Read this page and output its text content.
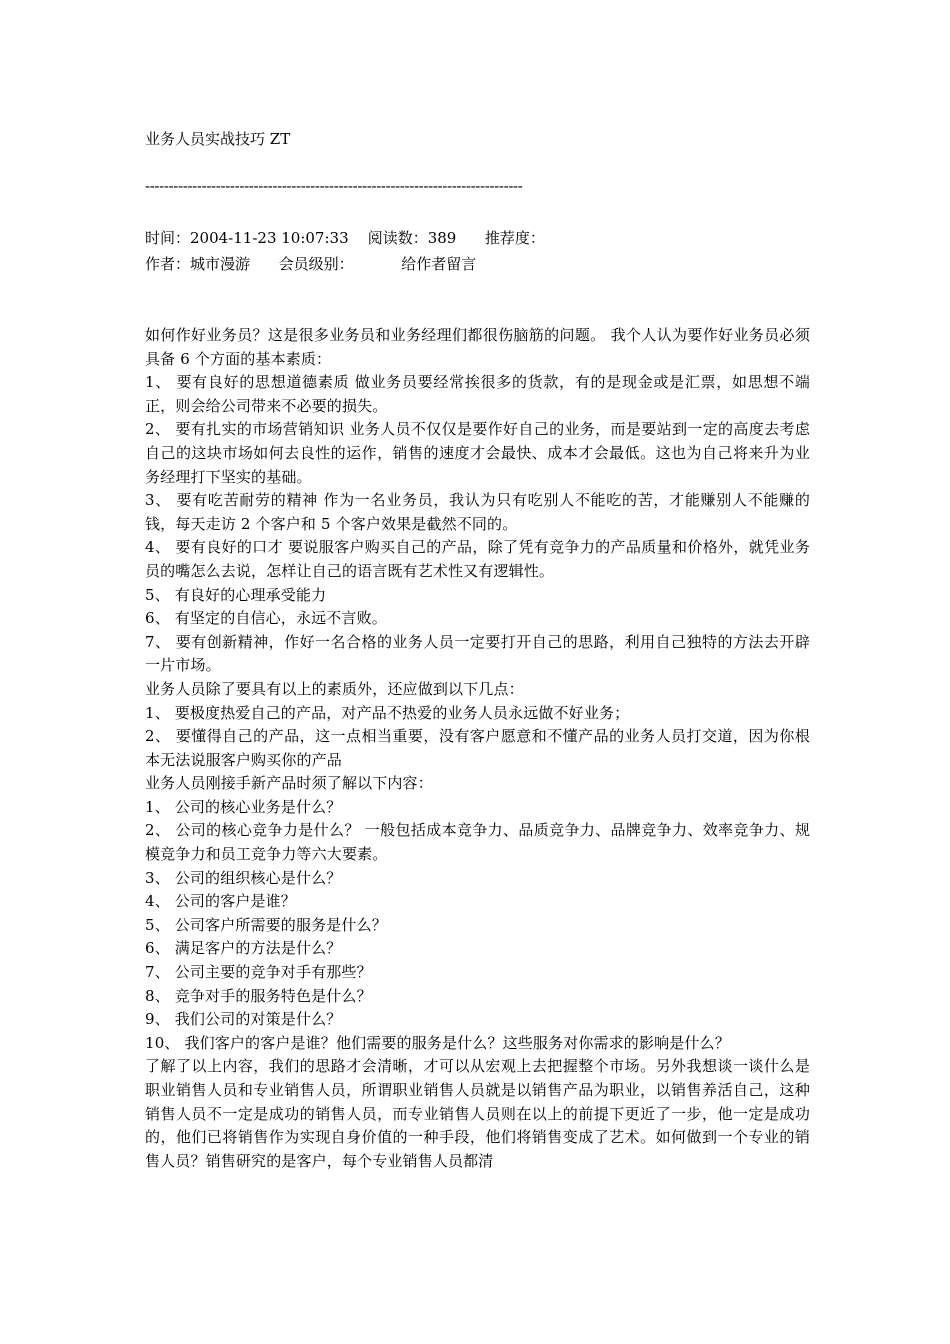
业务人员实战技巧 ZT
--------------------------------------------------------------------------------
时间：2004-11-23 10:07:33    阅读数：389      推荐度：
作者：城市漫游      会员级别：          给作者留言

如何作好业务员？这是很多业务员和业务经理们都很伤脑筋的问题。 我个人认为要作好业务员必须具备 6 个方面的基本素质：

1、 要有良好的思想道德素质 做业务员要经常挨很多的货款，有的是现金或是汇票，如思想不端正，则会给公司带来不必要的损失。

2、 要有扎实的市场营销知识 业务人员不仅仅是要作好自己的业务，而是要站到一定的高度去考虑自己的这块市场如何去良性的运作，销售的速度才会最快、成本才会最低。这也为自己将来升为业务经理打下坚实的基础。

3、 要有吃苦耐劳的精神 作为一名业务员，我认为只有吃别人不能吃的苦，才能赚别人不能赚的钱，每天走访 2 个客户和 5 个客户效果是截然不同的。

4、 要有良好的口才 要说服客户购买自己的产品，除了凭有竞争力的产品质量和价格外，就凭业务员的嘴怎么去说，怎样让自己的语言既有艺术性又有逻辑性。

5、 有良好的心理承受能力

6、 有坚定的自信心，永远不言败。

7、 要有创新精神，作好一名合格的业务人员一定要打开自己的思路，利用自己独特的方法去开辟一片市场。

业务人员除了要具有以上的素质外，还应做到以下几点：

1、 要极度热爱自己的产品，对产品不热爱的业务人员永远做不好业务；

2、 要懂得自己的产品，这一点相当重要，没有客户愿意和不懂产品的业务人员打交道，因为你根本无法说服客户购买你的产品

业务人员刚接手新产品时须了解以下内容：

1、 公司的核心业务是什么？

2、 公司的核心竞争力是什么？ 一般包括成本竞争力、品质竞争力、品牌竞争力、效率竞争力、规模竞争力和员工竞争力等六大要素。

3、 公司的组织核心是什么？

4、 公司的客户是谁？

5、 公司客户所需要的服务是什么？

6、 满足客户的方法是什么？

7、 公司主要的竞争对手有那些？

8、 竞争对手的服务特色是什么？

9、 我们公司的对策是什么？

10、 我们客户的客户是谁？他们需要的服务是什么？这些服务对你需求的影响是什么？

了解了以上内容，我们的思路才会清晰，才可以从宏观上去把握整个市场。另外我想谈一谈什么是职业销售人员和专业销售人员，所谓职业销售人员就是以销售产品为职业，以销售养活自己，这种销售人员不一定是成功的销售人员，而专业销售人员则在以上的前提下更近了一步，他一定是成功的，他们已将销售作为实现自身价值的一种手段，他们将销售变成了艺术。如何做到一个专业的销售人员？销售研究的是客户，每个专业销售人员都清
